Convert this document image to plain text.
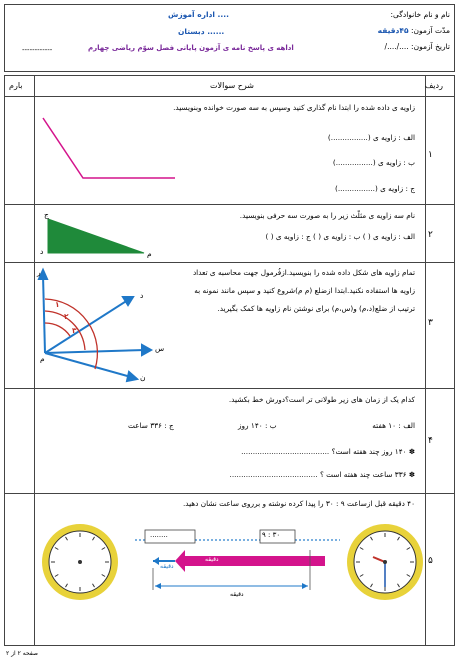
نام و نام خانوادگی:
مدّت آزمون: ۴۵دقیقه
تاریخ آزمون: ..../..../
اداره آموزش ....
دبستان ......
اداهه ی پاسخ نامه ی آزمون پایانی فصل سوّم ریاضی چهارم
------------
ردیف
شرح سوالات
بارم
۱
زاویه ی داده شده را ابتدا نام گذاری کنید وسپس به سه صورت خوانده وبنویسید.
الف : زاویه ی (................)
ب : زاویه ی (................)
ج : زاویه ی (................)
۲
نام سه زاویه ی مثلّث زیر را به صورت سه حرفی بنویسید.
الف : زاویه ی ( ) ب : زاویه ی ( ) ج : زاویه ی ( )
ج
د	م
۳
تمام زاویه های شکل داده شده را بنویسید.ازفُرمول جهت محاسبه ی تعداد
زاویه ها استفاده نکنید.ابتدا ازضلع (م م)شروع کنید و سپس مانند نمونه به
ترتیب از ضلع(د،م) و(س،م) برای نوشتن نام زاویه ها کمک بگیرید.
ر
د
س
ن
م
۱
۲
۳
۴
کدام یک از زمان های زیر طولانی تر است؟دورش خط بکشید.
الف : ۱۰ هفته
ب : ۱۴۰ روز
ج : ۳۳۶ ساعت
✽ ۱۴۰ روز چند هفته است؟ ......................................
✽ ۳۳۶ ساعت چند هفته است ؟ ......................................
۵
۴۰ دقیقه قبل ازساعت ۹ : ۳۰ را پیدا کرده نوشته و برروی ساعت نشان دهید.
........	۹ : ۳۰
دقیقه
دقیقه
دقیقه
صفحه ۲ از ۲
